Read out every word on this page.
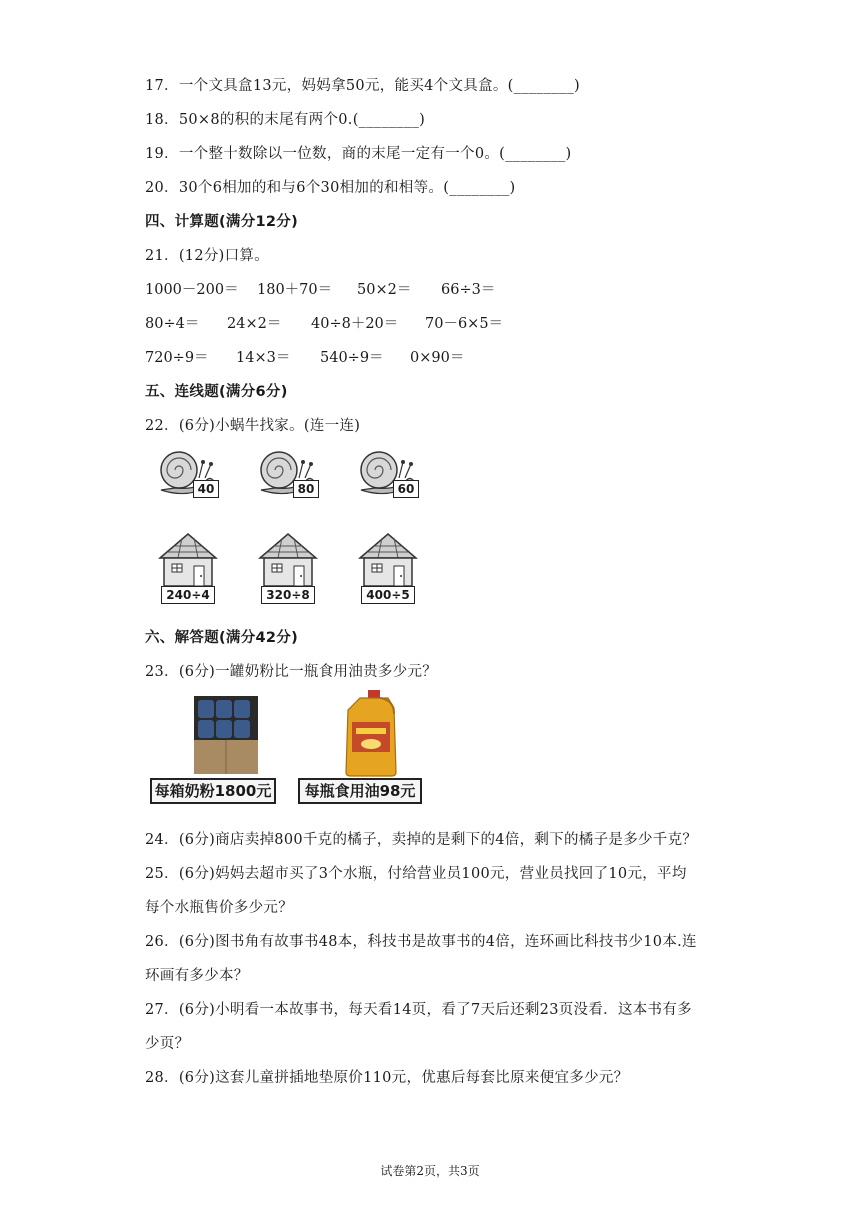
17．一个文具盒13元，妈妈拿50元，能买4个文具盒。(________)
18．50×8的积的末尾有两个0.(________)
19．一个整十数除以一位数，商的末尾一定有一个0。(________)
20．30个6相加的和与6个30相加的和相等。(________)
四、计算题(满分12分)
21．(12分)口算。
1000－200＝ 180＋70＝ 50×2＝ 66÷3＝
80÷4＝ 24×2＝ 40÷8＋20＝ 70－6×5＝
720÷9＝ 14×3＝ 540÷9＝ 0×90＝
五、连线题(满分6分)
22．(6分)小蜗牛找家。(连一连)
40	80	60
240÷4	320÷8	400÷5
六、解答题(满分42分)
23．(6分)一罐奶粉比一瓶食用油贵多少元？
每箱奶粉1800元	每瓶食用油98元
24．(6分)商店卖掉800千克的橘子，卖掉的是剩下的4倍，剩下的橘子是多少千克？
25．(6分)妈妈去超市买了3个水瓶，付给营业员100元，营业员找回了10元，平均
每个水瓶售价多少元？
26．(6分)图书角有故事书48本，科技书是故事书的4倍，连环画比科技书少10本.连
环画有多少本？
27．(6分)小明看一本故事书，每天看14页，看了7天后还剩23页没看．这本书有多
少页？
28．(6分)这套儿童拼插地垫原价110元，优惠后每套比原来便宜多少元？
试卷第2页，共3页
